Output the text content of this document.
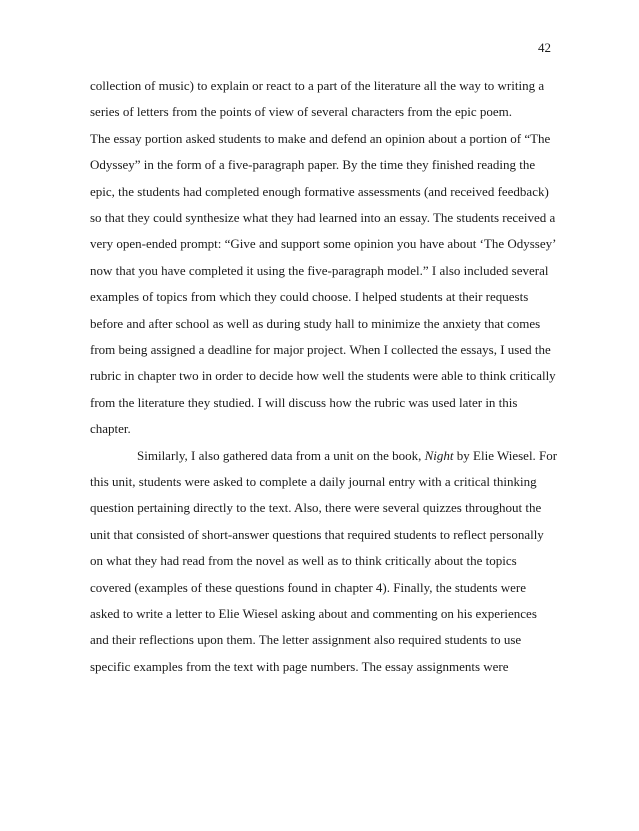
42
collection of music) to explain or react to a part of the literature all the way to writing a
series of letters from the points of view of several characters from the epic poem.
The essay portion asked students to make and defend an opinion about a portion of “The
Odyssey” in the form of a five-paragraph paper. By the time they finished reading the
epic, the students had completed enough formative assessments (and received feedback)
so that they could synthesize what they had learned into an essay. The students received a
very open-ended prompt: “Give and support some opinion you have about ‘The Odyssey’
now that you have completed it using the five-paragraph model.” I also included several
examples of topics from which they could choose. I helped students at their requests
before and after school as well as during study hall to minimize the anxiety that comes
from being assigned a deadline for major project. When I collected the essays, I used the
rubric in chapter two in order to decide how well the students were able to think critically
from the literature they studied. I will discuss how the rubric was used later in this
chapter.
Similarly, I also gathered data from a unit on the book, Night by Elie Wiesel. For
this unit, students were asked to complete a daily journal entry with a critical thinking
question pertaining directly to the text. Also, there were several quizzes throughout the
unit that consisted of short-answer questions that required students to reflect personally
on what they had read from the novel as well as to think critically about the topics
covered (examples of these questions found in chapter 4). Finally, the students were
asked to write a letter to Elie Wiesel asking about and commenting on his experiences
and their reflections upon them. The letter assignment also required students to use
specific examples from the text with page numbers. The essay assignments were
